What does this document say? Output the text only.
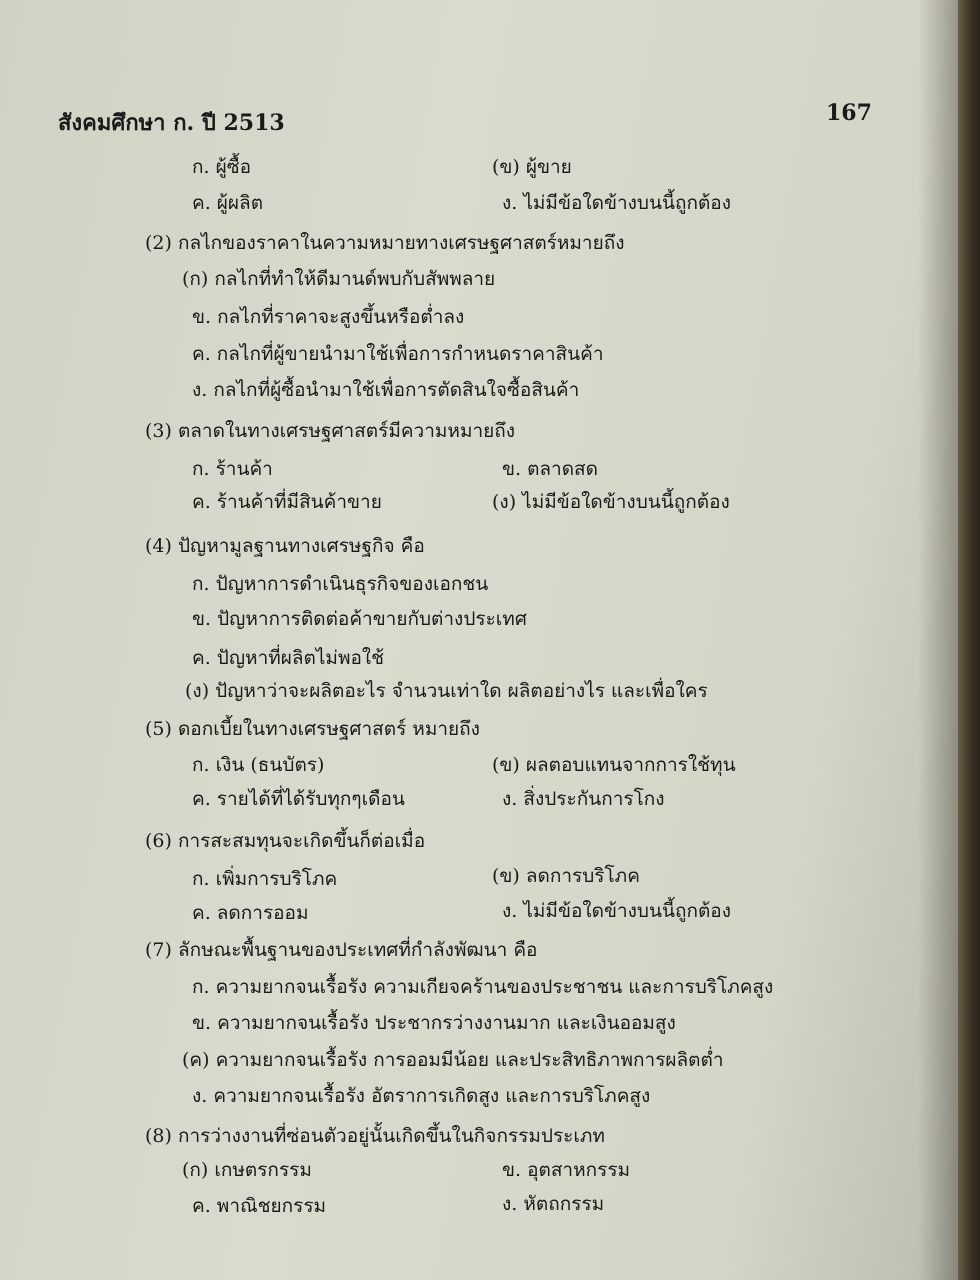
สังคมศึกษา ก. ปี 2513	167
ก. ผู้ซื้อ	(ข) ผู้ขาย
ค. ผู้ผลิต	ง. ไม่มีข้อใดข้างบนนี้ถูกต้อง
(2) กลไกของราคาในความหมายทางเศรษฐศาสตร์หมายถึง
(ก) กลไกที่ทำให้ดีมานด์พบกับสัพพลาย
ข. กลไกที่ราคาจะสูงขึ้นหรือต่ำลง
ค. กลไกที่ผู้ขายนำมาใช้เพื่อการกำหนดราคาสินค้า
ง. กลไกที่ผู้ซื้อนำมาใช้เพื่อการตัดสินใจซื้อสินค้า
(3) ตลาดในทางเศรษฐศาสตร์มีความหมายถึง
ก. ร้านค้า	ข. ตลาดสด
ค. ร้านค้าที่มีสินค้าขาย	(ง) ไม่มีข้อใดข้างบนนี้ถูกต้อง
(4) ปัญหามูลฐานทางเศรษฐกิจ คือ
ก. ปัญหาการดำเนินธุรกิจของเอกชน
ข. ปัญหาการติดต่อค้าขายกับต่างประเทศ
ค. ปัญหาที่ผลิตไม่พอใช้
(ง) ปัญหาว่าจะผลิตอะไร จำนวนเท่าใด ผลิตอย่างไร และเพื่อใคร
(5) ดอกเบี้ยในทางเศรษฐศาสตร์ หมายถึง
ก. เงิน (ธนบัตร)	(ข) ผลตอบแทนจากการใช้ทุน
ค. รายได้ที่ได้รับทุกๆเดือน	ง. สิ่งประกันการโกง
(6) การสะสมทุนจะเกิดขึ้นก็ต่อเมื่อ
ก. เพิ่มการบริโภค	(ข) ลดการบริโภค
ค. ลดการออม	ง. ไม่มีข้อใดข้างบนนี้ถูกต้อง
(7) ลักษณะพื้นฐานของประเทศที่กำลังพัฒนา คือ
ก. ความยากจนเรื้อรัง ความเกียจคร้านของประชาชน และการบริโภคสูง
ข. ความยากจนเรื้อรัง ประชากรว่างงานมาก และเงินออมสูง
(ค) ความยากจนเรื้อรัง การออมมีน้อย และประสิทธิภาพการผลิตต่ำ
ง. ความยากจนเรื้อรัง อัตราการเกิดสูง และการบริโภคสูง
(8) การว่างงานที่ซ่อนตัวอยู่นั้นเกิดขึ้นในกิจกรรมประเภท
(ก) เกษตรกรรม	ข. อุตสาหกรรม
ค. พาณิชยกรรม	ง. หัตถกรรม
